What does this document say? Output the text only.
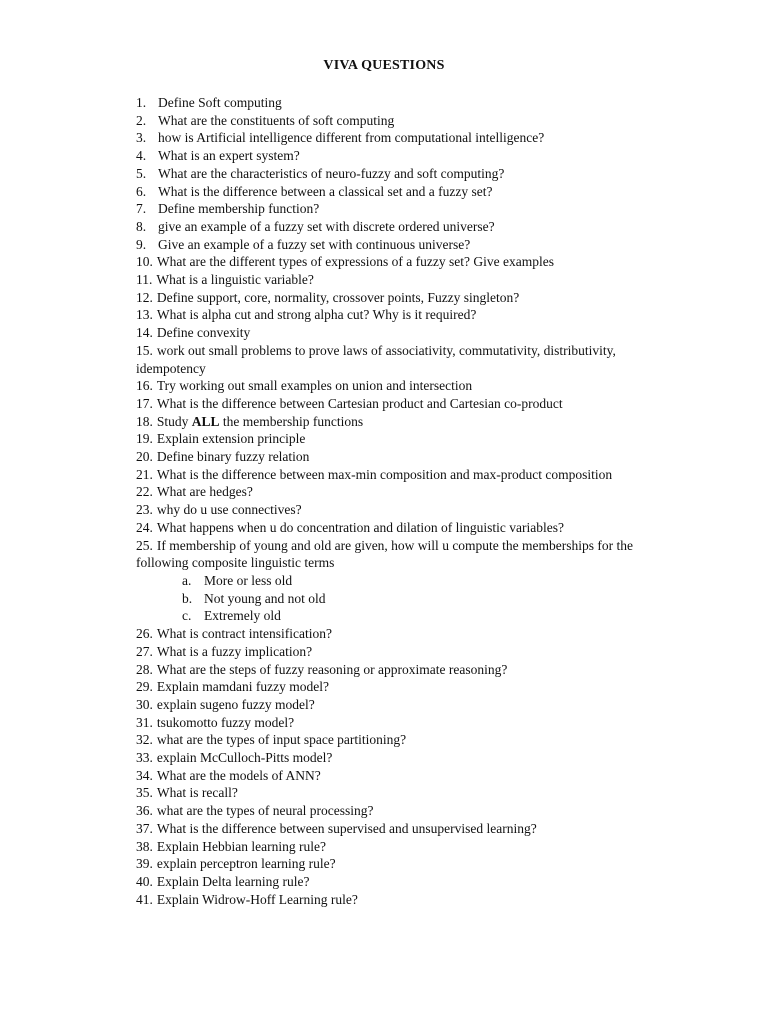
VIVA QUESTIONS
1. Define Soft computing
2. What are the constituents of soft computing
3. how is Artificial intelligence different from computational intelligence?
4. What is an expert system?
5. What are the characteristics of neuro-fuzzy and soft computing?
6. What is the difference between a classical set and a fuzzy set?
7. Define membership function?
8. give an example of a fuzzy set with discrete ordered universe?
9. Give an example of a fuzzy set with continuous universe?
10. What are the different types of expressions of a fuzzy set? Give examples
11. What is a linguistic variable?
12. Define support, core, normality, crossover points, Fuzzy singleton?
13. What is alpha cut and strong alpha cut? Why is it required?
14. Define convexity
15. work out small problems to prove laws of associativity, commutativity, distributivity,
idempotency
16. Try working out small examples on union and intersection
17. What is the difference between Cartesian product and Cartesian co-product
18. Study ALL the membership functions
19. Explain extension principle
20. Define binary fuzzy relation
21. What is the difference between max-min composition and max-product composition
22. What are hedges?
23. why do u use connectives?
24. What happens when u do concentration and dilation of linguistic variables?
25. If membership of young and old are given, how will u compute the memberships for the
following composite linguistic terms
a. More or less old
b. Not young and not old
c. Extremely old
26. What is contract intensification?
27. What is a fuzzy implication?
28. What are the steps of fuzzy reasoning or approximate reasoning?
29. Explain mamdani fuzzy model?
30. explain sugeno fuzzy model?
31. tsukomotto fuzzy model?
32. what are the types of input space partitioning?
33. explain McCulloch-Pitts model?
34. What are the models of ANN?
35. What is recall?
36. what are the types of neural processing?
37. What is the difference between supervised and unsupervised learning?
38. Explain Hebbian learning rule?
39. explain perceptron learning rule?
40. Explain Delta learning rule?
41. Explain Widrow-Hoff Learning rule?
